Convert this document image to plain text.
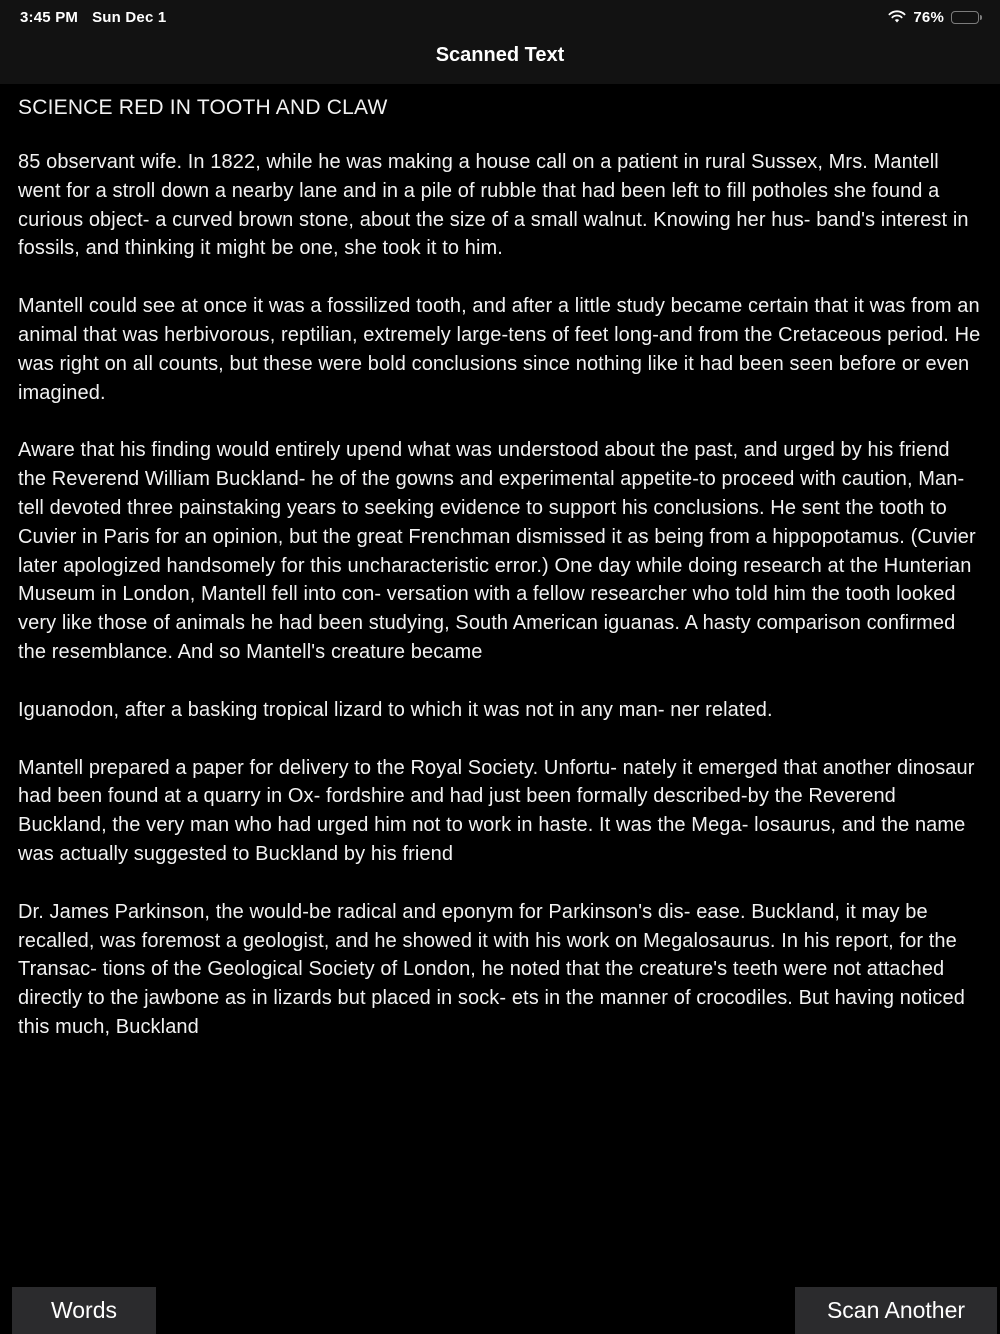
3:45 PM Sun Dec 1	76%
Scanned Text
SCIENCE RED IN TOOTH AND CLAW

85 observant wife. In 1822, while he was making a house call on a patient in rural Sussex, Mrs. Mantell went for a stroll down a nearby lane and in a pile of rubble that had been left to fill potholes she found a curious object- a curved brown stone, about the size of a small walnut. Knowing her hus- band's interest in fossils, and thinking it might be one, she took it to him.

Mantell could see at once it was a fossilized tooth, and after a little study became certain that it was from an animal that was herbivorous, reptilian, extremely large-tens of feet long-and from the Cretaceous period. He was right on all counts, but these were bold conclusions since nothing like it had been seen before or even imagined.

Aware that his finding would entirely upend what was understood about the past, and urged by his friend the Reverend William Buckland- he of the gowns and experimental appetite-to proceed with caution, Man- tell devoted three painstaking years to seeking evidence to support his conclusions. He sent the tooth to Cuvier in Paris for an opinion, but the great Frenchman dismissed it as being from a hippopotamus. (Cuvier later apologized handsomely for this uncharacteristic error.) One day while doing research at the Hunterian Museum in London, Mantell fell into con- versation with a fellow researcher who told him the tooth looked very like those of animals he had been studying, South American iguanas. A hasty comparison confirmed the resemblance. And so Mantell's creature became

Iguanodon, after a basking tropical lizard to which it was not in any man- ner related.

Mantell prepared a paper for delivery to the Royal Society. Unfortu- nately it emerged that another dinosaur had been found at a quarry in Ox- fordshire and had just been formally described-by the Reverend Buckland, the very man who had urged him not to work in haste. It was the Mega- losaurus, and the name was actually suggested to Buckland by his friend

Dr. James Parkinson, the would-be radical and eponym for Parkinson's dis- ease. Buckland, it may be recalled, was foremost a geologist, and he showed it with his work on Megalosaurus. In his report, for the Transac- tions of the Geological Society of London, he noted that the creature's teeth were not attached directly to the jawbone as in lizards but placed in sock- ets in the manner of crocodiles. But having noticed this much, Buckland

Words	Scan Another
